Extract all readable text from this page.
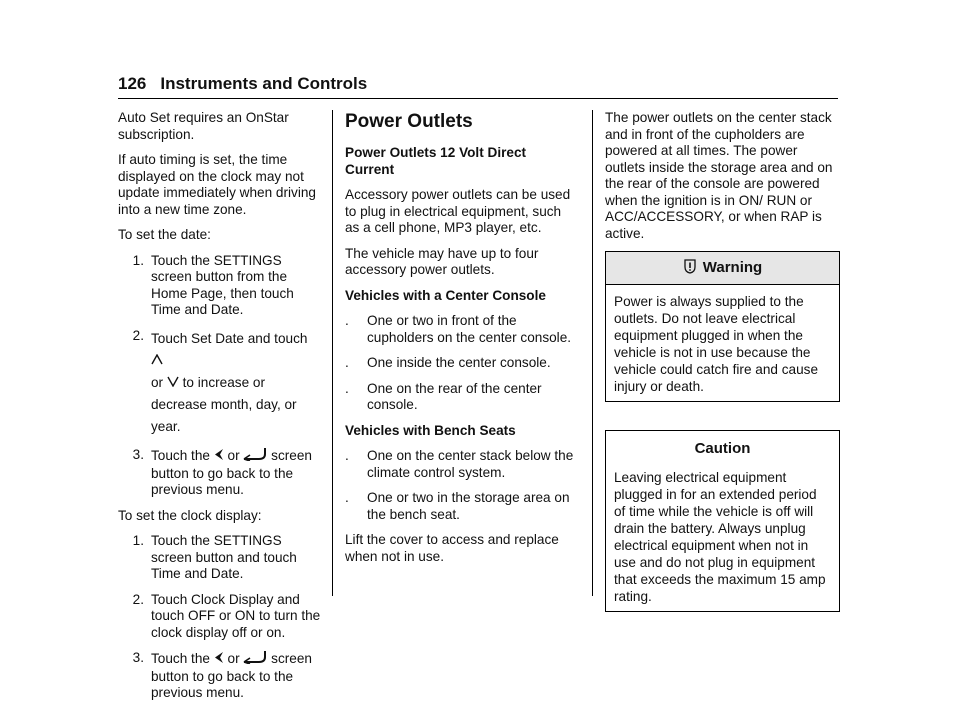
126 Instruments and Controls

Auto Set requires an OnStar subscription.

If auto timing is set, the time displayed on the clock may not update immediately when driving into a new time zone.

To set the date:

1. Touch the SETTINGS screen button from the Home Page, then touch Time and Date.
2. Touch Set Date and touch
or to increase or decrease month, day, or year.
3. Touch the or screen button to go back to the previous menu.

To set the clock display:

1. Touch the SETTINGS screen button and touch Time and Date.
2. Touch Clock Display and touch OFF or ON to turn the clock display off or on.
3. Touch the or screen button to go back to the previous menu.
Power Outlets

Power Outlets 12 Volt Direct Current

Accessory power outlets can be used to plug in electrical equipment, such as a cell phone, MP3 player, etc.

The vehicle may have up to four accessory power outlets.

Vehicles with a Center Console

.	One or two in front of the cupholders on the center console.
.	One inside the center console.
.	One on the rear of the center console.

Vehicles with Bench Seats

.	One on the center stack below the climate control system.
.	One or two in the storage area on the bench seat.

Lift the cover to access and replace when not in use.

The power outlets on the center stack and in front of the cupholders are powered at all times. The power outlets inside the storage area and on the rear of the console are powered when the ignition is in ON/ RUN or ACC/ACCESSORY, or when RAP is active.

Warning
Power is always supplied to the outlets. Do not leave electrical equipment plugged in when the vehicle is not in use because the vehicle could catch fire and cause injury or death.
Caution
Leaving electrical equipment plugged in for an extended period of time while the vehicle is off will drain the battery. Always unplug electrical equipment when not in use and do not plug in equipment that exceeds the maximum 15 amp rating.
